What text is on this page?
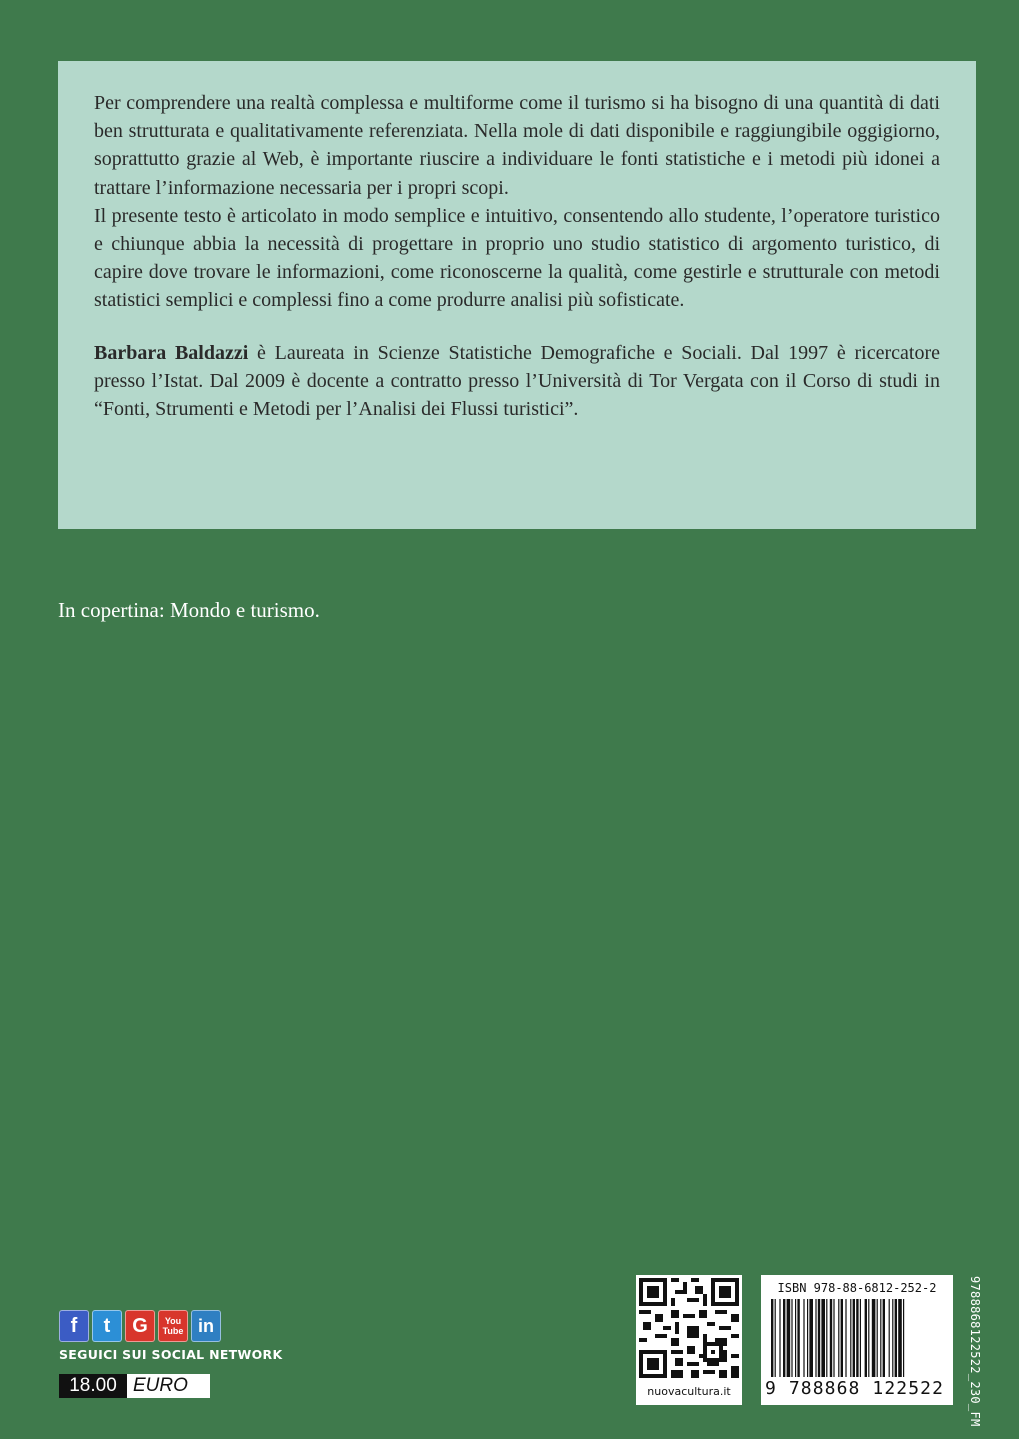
Per comprendere una realtà complessa e multiforme come il turismo si ha bisogno di una quantità di dati ben strutturata e qualitativamente referenziata. Nella mole di dati disponibile e raggiungibile oggigiorno, soprattutto grazie al Web, è importante riuscire a individuare le fonti statistiche e i metodi più idonei a trattare l’informazione necessaria per i propri scopi.

Il presente testo è articolato in modo semplice e intuitivo, consentendo allo studente, l’operatore turistico e chiunque abbia la necessità di progettare in proprio uno studio statistico di argomento turistico, di capire dove trovare le informazioni, come riconoscerne la qualità, come gestirle e strutturale con metodi statistici semplici e complessi fino a come produrre analisi più sofisticate.

Barbara Baldazzi è Laureata in Scienze Statistiche Demografiche e Sociali. Dal 1997 è ricercatore presso l’Istat. Dal 2009 è docente a contratto presso l’Università di Tor Vergata con il Corso di studi in “Fonti, Strumenti e Metodi per l’Analisi dei Flussi turistici”.

In copertina: Mondo e turismo.
f t G You
Tube in
SEGUICI SUI SOCIAL NETWORK
18.00 EURO	nuovacultura.it
ISBN 978-88-6812-252-2
9 788868 122522	9788868122522_230_FM
